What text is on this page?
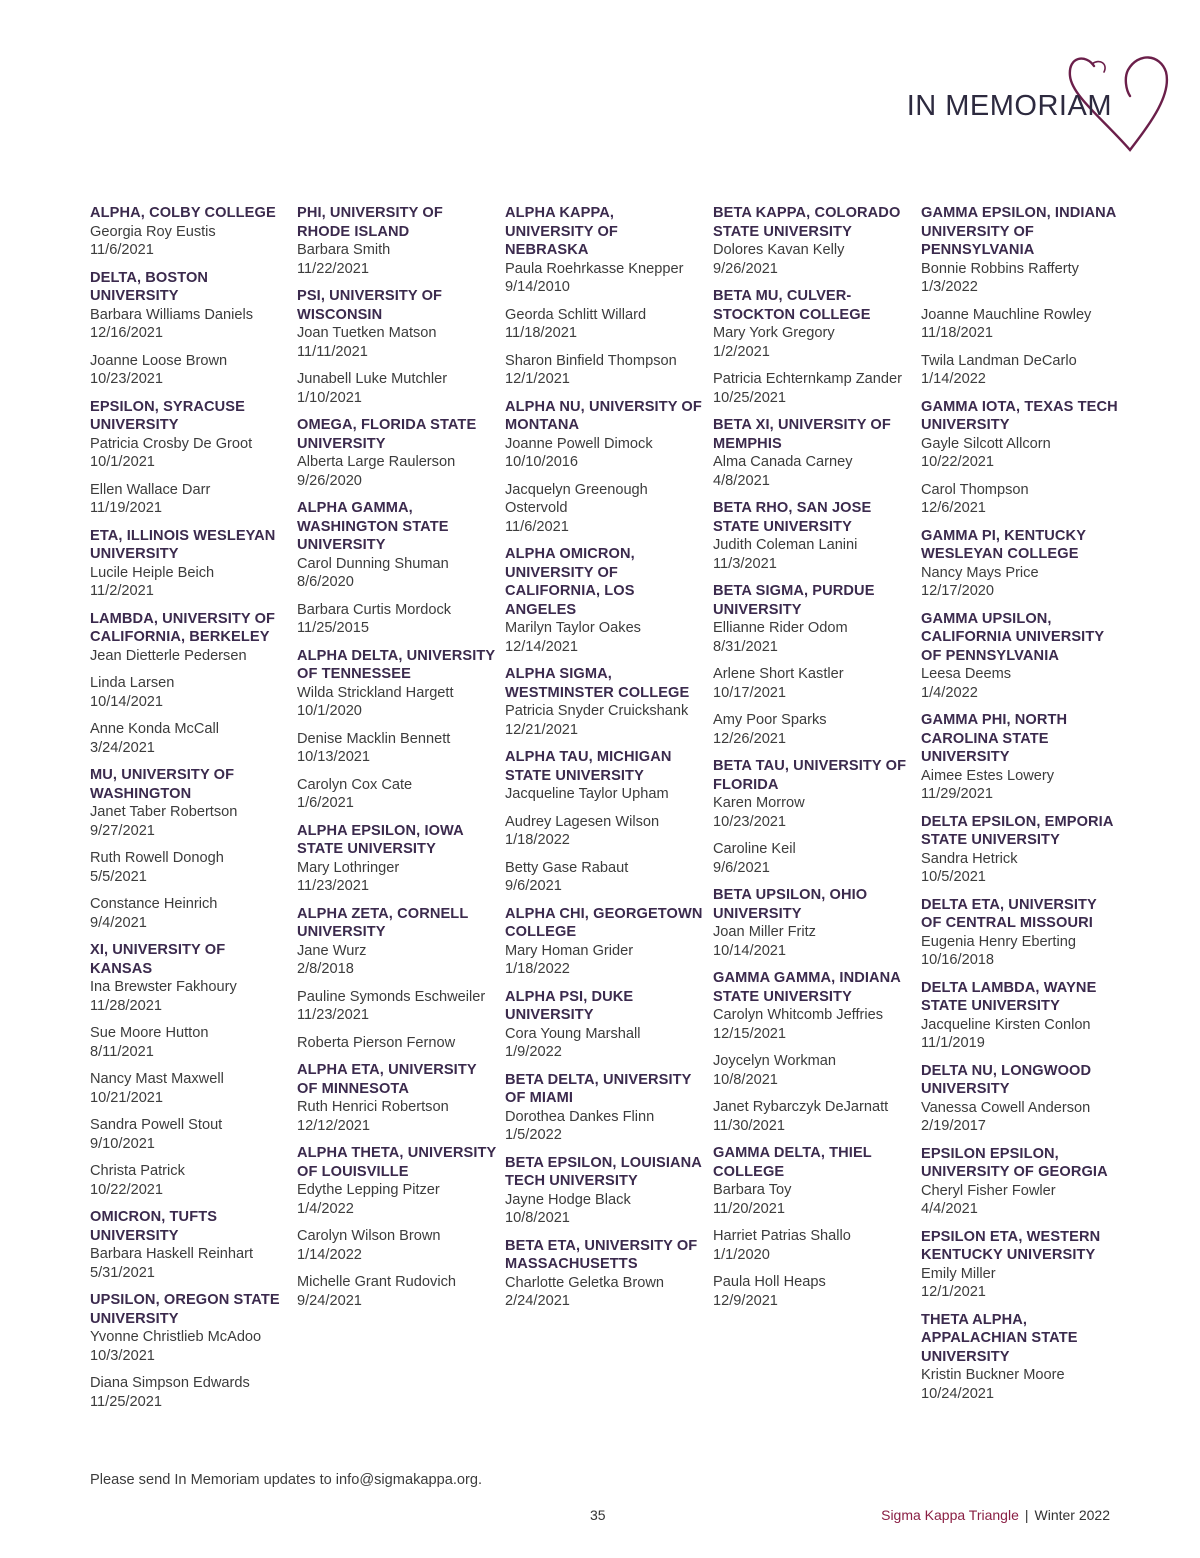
IN MEMORIAM
ALPHA, COLBY COLLEGE
Georgia Roy Eustis
11/6/2021
DELTA, BOSTON UNIVERSITY
Barbara Williams Daniels
12/16/2021
Joanne Loose Brown
10/23/2021
EPSILON, SYRACUSE UNIVERSITY
Patricia Crosby De Groot
10/1/2021
Ellen Wallace Darr
11/19/2021
ETA, ILLINOIS WESLEYAN UNIVERSITY
Lucile Heiple Beich
11/2/2021
LAMBDA, UNIVERSITY OF CALIFORNIA, BERKELEY
Jean Dietterle Pedersen
Linda Larsen
10/14/2021
Anne Konda McCall
3/24/2021
MU, UNIVERSITY OF WASHINGTON
Janet Taber Robertson
9/27/2021
Ruth Rowell Donogh
5/5/2021
Constance Heinrich
9/4/2021
XI, UNIVERSITY OF KANSAS
Ina Brewster Fakhoury
11/28/2021
Sue Moore Hutton
8/11/2021
Nancy Mast Maxwell
10/21/2021
Sandra Powell Stout
9/10/2021
Christa Patrick
10/22/2021
OMICRON, TUFTS UNIVERSITY
Barbara Haskell Reinhart
5/31/2021
UPSILON, OREGON STATE UNIVERSITY
Yvonne Christlieb McAdoo
10/3/2021
Diana Simpson Edwards
11/25/2021
PHI, UNIVERSITY OF RHODE ISLAND
Barbara Smith
11/22/2021
PSI, UNIVERSITY OF WISCONSIN
Joan Tuetken Matson
11/11/2021
Junabell Luke Mutchler
1/10/2021
OMEGA, FLORIDA STATE UNIVERSITY
Alberta Large Raulerson
9/26/2020
ALPHA GAMMA, WASHINGTON STATE UNIVERSITY
Carol Dunning Shuman
8/6/2020
Barbara Curtis Mordock
11/25/2015
ALPHA DELTA, UNIVERSITY OF TENNESSEE
Wilda Strickland Hargett
10/1/2020
Denise Macklin Bennett
10/13/2021
Carolyn Cox Cate
1/6/2021
ALPHA EPSILON, IOWA STATE UNIVERSITY
Mary Lothringer
11/23/2021
ALPHA ZETA, CORNELL UNIVERSITY
Jane Wurz
2/8/2018
Pauline Symonds Eschweiler
11/23/2021
Roberta Pierson Fernow
ALPHA ETA, UNIVERSITY OF MINNESOTA
Ruth Henrici Robertson
12/12/2021
ALPHA THETA, UNIVERSITY OF LOUISVILLE
Edythe Lepping Pitzer
1/4/2022
Carolyn Wilson Brown
1/14/2022
Michelle Grant Rudovich
9/24/2021
ALPHA KAPPA, UNIVERSITY OF NEBRASKA
Paula Roehrkasse Knepper
9/14/2010
Geordа Schlitt Willard
11/18/2021
Sharon Binfield Thompson
12/1/2021
ALPHA NU, UNIVERSITY OF MONTANA
Joanne Powell Dimock
10/10/2016
Jacquelyn Greenough Ostervold
11/6/2021
ALPHA OMICRON, UNIVERSITY OF CALIFORNIA, LOS ANGELES
Marilyn Taylor Oakes
12/14/2021
ALPHA SIGMA, WESTMINSTER COLLEGE
Patricia Snyder Cruickshank
12/21/2021
ALPHA TAU, MICHIGAN STATE UNIVERSITY
Jacqueline Taylor Upham
Audrey Lagesen Wilson
1/18/2022
Betty Gase Rabaut
9/6/2021
ALPHA CHI, GEORGETOWN COLLEGE
Mary Homan Grider
1/18/2022
ALPHA PSI, DUKE UNIVERSITY
Cora Young Marshall
1/9/2022
BETA DELTA, UNIVERSITY OF MIAMI
Dorothea Dankes Flinn
1/5/2022
BETA EPSILON, LOUISIANA TECH UNIVERSITY
Jayne Hodge Black
10/8/2021
BETA ETA, UNIVERSITY OF MASSACHUSETTS
Charlotte Geletka Brown
2/24/2021
BETA KAPPA, COLORADO STATE UNIVERSITY
Dolores Kavan Kelly
9/26/2021
BETA MU, CULVER-STOCKTON COLLEGE
Mary York Gregory
1/2/2021
Patricia Echternkamp Zander
10/25/2021
BETA XI, UNIVERSITY OF MEMPHIS
Alma Canada Carney
4/8/2021
BETA RHO, SAN JOSE STATE UNIVERSITY
Judith Coleman Lanini
11/3/2021
BETA SIGMA, PURDUE UNIVERSITY
Ellianne Rider Odom
8/31/2021
Arlene Short Kastler
10/17/2021
Amy Poor Sparks
12/26/2021
BETA TAU, UNIVERSITY OF FLORIDA
Karen Morrow
10/23/2021
Caroline Keil
9/6/2021
BETA UPSILON, OHIO UNIVERSITY
Joan Miller Fritz
10/14/2021
GAMMA GAMMA, INDIANA STATE UNIVERSITY
Carolyn Whitcomb Jeffries
12/15/2021
Joycelyn Workman
10/8/2021
Janet Rybarczyk DeJarnatt
11/30/2021
GAMMA DELTA, THIEL COLLEGE
Barbara Toy
11/20/2021
Harriet Patrias Shallo
1/1/2020
Paula Holl Heaps
12/9/2021
GAMMA EPSILON, INDIANA UNIVERSITY OF PENNSYLVANIA
Bonnie Robbins Rafferty
1/3/2022
Joanne Mauchline Rowley
11/18/2021
Twila Landman DeCarlo
1/14/2022
GAMMA IOTA, TEXAS TECH UNIVERSITY
Gayle Silcott Allcorn
10/22/2021
Carol Thompson
12/6/2021
GAMMA PI, KENTUCKY WESLEYAN COLLEGE
Nancy Mays Price
12/17/2020
GAMMA UPSILON, CALIFORNIA UNIVERSITY OF PENNSYLVANIA
Leesa Deems
1/4/2022
GAMMA PHI, NORTH CAROLINA STATE UNIVERSITY
Aimee Estes Lowery
11/29/2021
DELTA EPSILON, EMPORIA STATE UNIVERSITY
Sandra Hetrick
10/5/2021
DELTA ETA, UNIVERSITY OF CENTRAL MISSOURI
Eugenia Henry Eberting
10/16/2018
DELTA LAMBDA, WAYNE STATE UNIVERSITY
Jacqueline Kirsten Conlon
11/1/2019
DELTA NU, LONGWOOD UNIVERSITY
Vanessa Cowell Anderson
2/19/2017
EPSILON EPSILON, UNIVERSITY OF GEORGIA
Cheryl Fisher Fowler
4/4/2021
EPSILON ETA, WESTERN KENTUCKY UNIVERSITY
Emily Miller
12/1/2021
THETA ALPHA, APPALACHIAN STATE UNIVERSITY
Kristin Buckner Moore
10/24/2021
Please send In Memoriam updates to info@sigmakappa.org.
35	Sigma Kappa Triangle | Winter 2022
